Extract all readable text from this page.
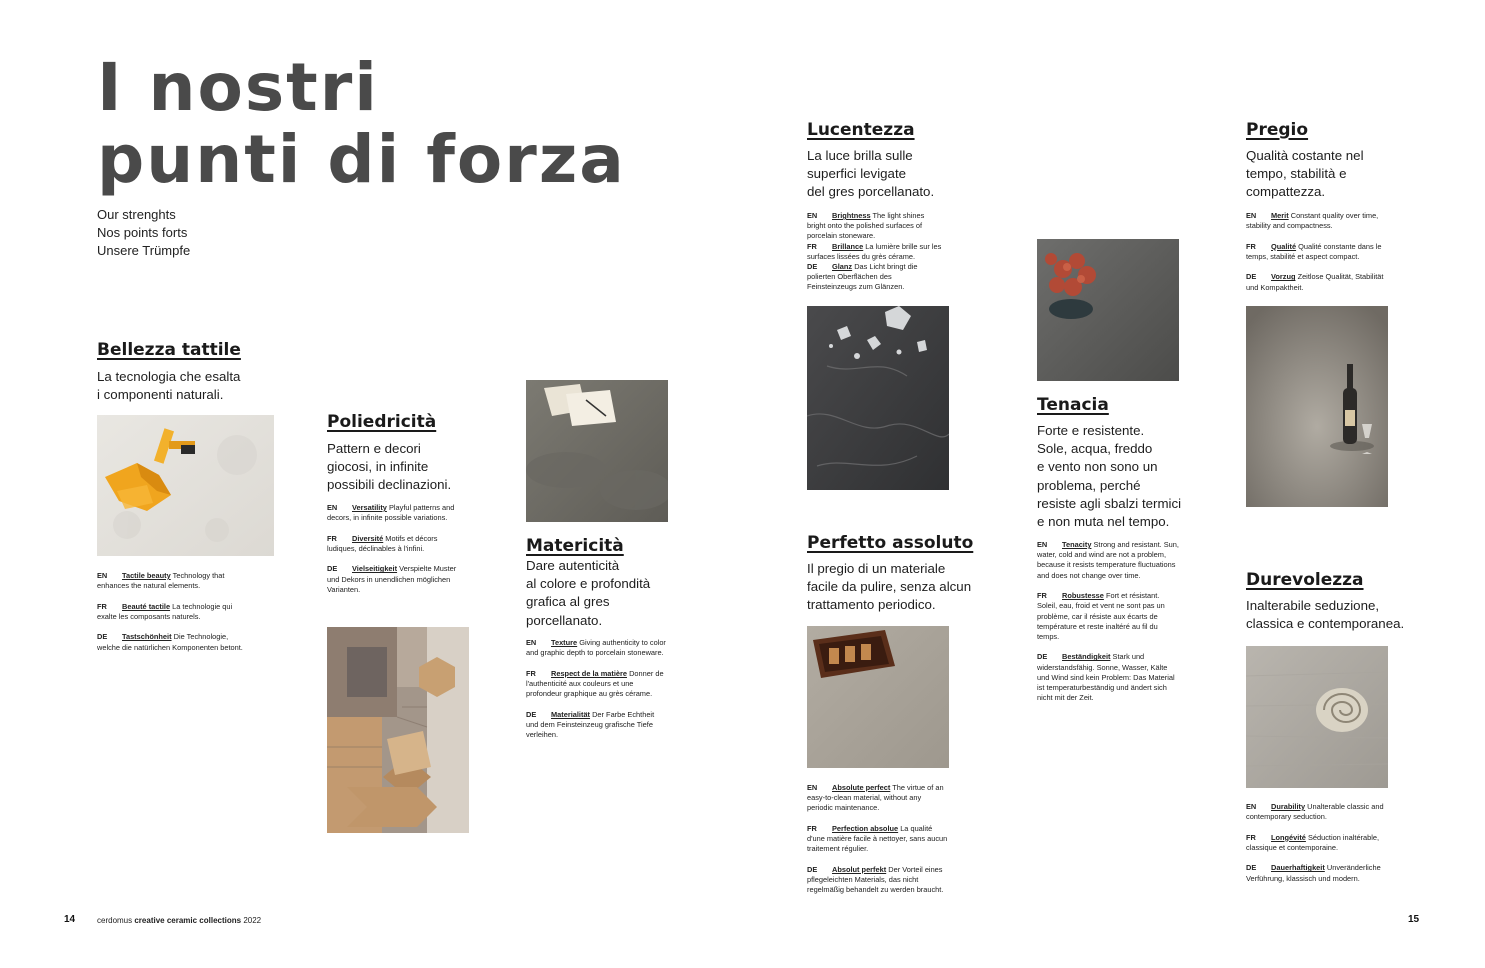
I nostri
punti di forza
Our strenghts
Nos points forts
Unsere Trümpfe
Bellezza tattile
La tecnologia che esalta
i componenti naturali.

EN Tactile beauty Technology that enhances the natural elements.

FR Beauté tactile La technologie qui exalte les composants naturels.

DE Tastschönheit Die Technologie, welche die natürlichen Komponenten betont.

Poliedricità
Pattern e decori
giocosi, in infinite
possibili declinazioni.

EN Versatility Playful patterns and decors, in infinite possible variations.

FR Diversité Motifs et décors ludiques, déclinables à l'infini.

DE Vielseitigkeit Verspielte Muster und Dekors in unendlichen möglichen Varianten.

Matericità
Dare autenticità
al colore e profondità
grafica al gres
porcellanato.

EN Texture Giving authenticity to color and graphic depth to porcelain stoneware.

FR Respect de la matière Donner de l'authenticité aux couleurs et une profondeur graphique au grès cérame.

DE Materialität Der Farbe Echtheit und dem Feinsteinzeug grafische Tiefe verleihen.

Lucentezza
La luce brilla sulle
superfici levigate
del gres porcellanato.

EN Brightness The light shines bright onto the polished surfaces of porcelain stoneware.

FR Brillance La lumière brille sur les surfaces lissées du grès cérame.

DE Glanz Das Licht bringt die polierten Oberflächen des Feinsteinzeugs zum Glänzen.

Perfetto assoluto
Il pregio di un materiale
facile da pulire, senza alcun
trattamento periodico.

EN Absolute perfect The virtue of an easy-to-clean material, without any periodic maintenance.

FR Perfection absolue La qualité d'une matière facile à nettoyer, sans aucun traitement régulier.

DE Absolut perfekt Der Vorteil eines pflegeleichten Materials, das nicht regelmäßig behandelt zu werden braucht.

Tenacia
Forte e resistente.
Sole, acqua, freddo
e vento non sono un
problema, perché
resiste agli sbalzi termici
e non muta nel tempo.

EN Tenacity Strong and resistant. Sun, water, cold and wind are not a problem, because it resists temperature fluctuations and does not change over time.

FR Robustesse Fort et résistant. Soleil, eau, froid et vent ne sont pas un problème, car il résiste aux écarts de température et reste inaltéré au fil du temps.

DE Beständigkeit Stark und widerstandsfähig. Sonne, Wasser, Kälte und Wind sind kein Problem: Das Material ist temperaturbeständig und ändert sich nicht mit der Zeit.

Pregio
Qualità costante nel
tempo, stabilità e
compattezza.

EN Merit Constant quality over time, stability and compactness.

FR Qualité Qualité constante dans le temps, stabilité et aspect compact.

DE Vorzug Zeitlose Qualität, Stabilität und Kompaktheit.

Durevolezza
Inalterabile seduzione,
classica e contemporanea.

EN Durability Unalterable classic and contemporary seduction.

FR Longévité Séduction inaltérable, classique et contemporaine.

DE Dauerhaftigkeit Unveränderliche Verführung, klassisch und modern.

14	cerdomus creative ceramic collections 2022	15
